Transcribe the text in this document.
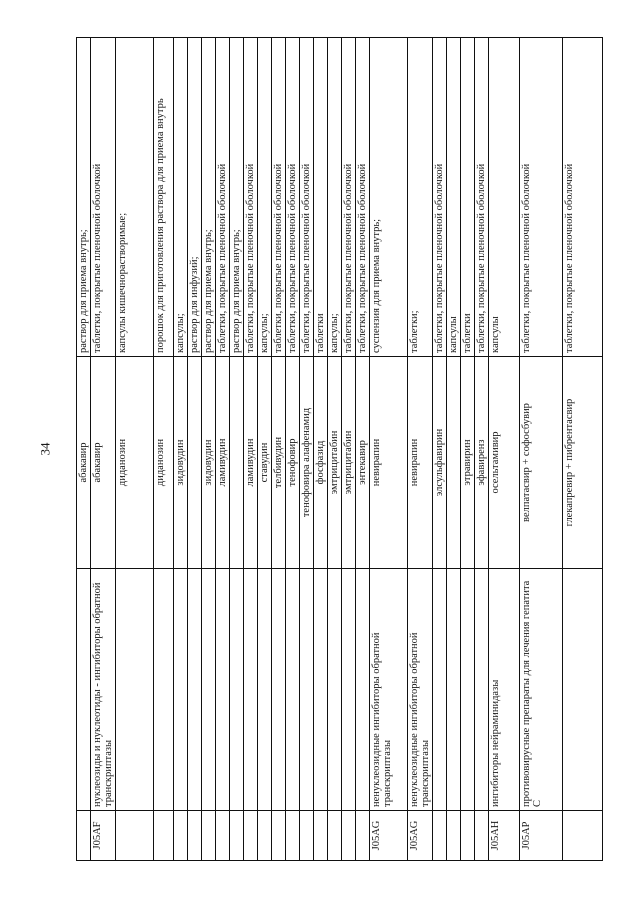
34
		абакавир	раствор для приема внутрь;
J05AF	нуклеозиды и нуклеотиды - ингибиторы обратной транскриптазы	абакавир	таблетки, покрытые пленочной оболочкой
		диданозин	капсулы кишечнорастворимые;
		диданозин	порошок для приготовления раствора для приема внутрь
		зидовудин	капсулы;
			раствор для инфузий;
		зидовудин	раствор для приема внутрь;
		ламивудин	таблетки, покрытые пленочной оболочкой
			раствор для приема внутрь;
		ламивудин	таблетки, покрытые пленочной оболочкой
		ставудин	капсулы;
		телбивудин	таблетки, покрытые пленочной оболочкой
		тенофовир	таблетки, покрытые пленочной оболочкой
		тенофовира алафенамид	таблетки, покрытые пленочной оболочкой
		фосфазид	таблетки
		эмтрицитабин	капсулы;
		эмтрицитабин	таблетки, покрытые пленочной оболочкой
		энтекавир	таблетки, покрытые пленочной оболочкой
J05AG	ненуклеозидные ингибиторы обратной транскриптазы	невирапин	суспензия для приема внутрь;
J05AG	ненуклеозидные ингибиторы обратной транскриптазы	невирапин	таблетки;
		элсульфавирин	таблетки, покрытые пленочной оболочкой
			капсулы
		этравирин	таблетки
		эфавиренз	таблетки, покрытые пленочной оболочкой
J05AH	ингибиторы нейраминидазы	осельтамивир	капсулы
J05AP	противовирусные препараты для лечения гепатита С	велпатасвир + софосбувир	таблетки, покрытые пленочной оболочкой
		глекапревир + пибрентасвир	таблетки, покрытые пленочной оболочкой
